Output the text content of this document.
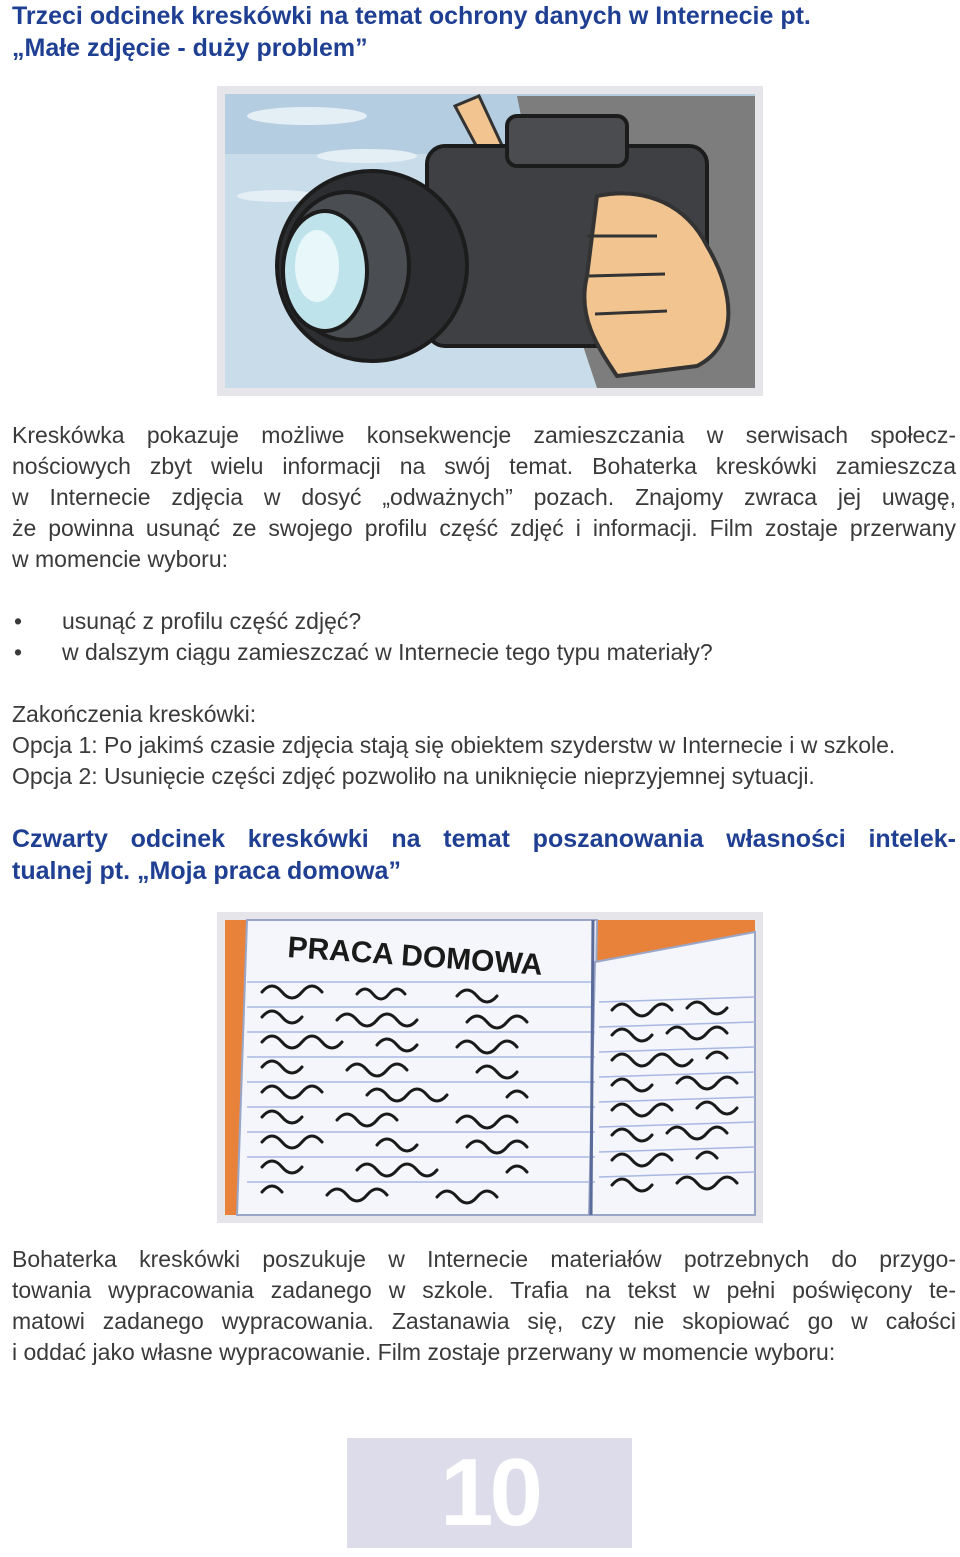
Trzeci odcinek kreskówki na temat ochrony danych w Internecie pt.
„Małe zdjęcie - duży problem”
Kreskówka pokazuje możliwe konsekwencje zamieszczania w serwisach społecz-
nościowych zbyt wielu informacji na swój temat. Bohaterka kreskówki zamieszcza
w Internecie zdjęcia w dosyć „odważnych” pozach. Znajomy zwraca jej uwagę,
że powinna usunąć ze swojego profilu część zdjęć i informacji. Film zostaje przerwany
w momencie wyboru:
• usunąć z profilu część zdjęć?
• w dalszym ciągu zamieszczać w Internecie tego typu materiały?
Zakończenia kreskówki:
Opcja 1: Po jakimś czasie zdjęcia stają się obiektem szyderstw w Internecie i w szkole.
Opcja 2: Usunięcie części zdjęć pozwoliło na uniknięcie nieprzyjemnej sytuacji.
Czwarty odcinek kreskówki na temat poszanowania własności intelek-
tualnej pt. „Moja praca domowa”
PRACA DOMOWA
Bohaterka kreskówki poszukuje w Internecie materiałów potrzebnych do przygo-
towania wypracowania zadanego w szkole. Trafia na tekst w pełni poświęcony te-
matowi zadanego wypracowania. Zastanawia się, czy nie skopiować go w całości
i oddać jako własne wypracowanie. Film zostaje przerwany w momencie wyboru:
10
